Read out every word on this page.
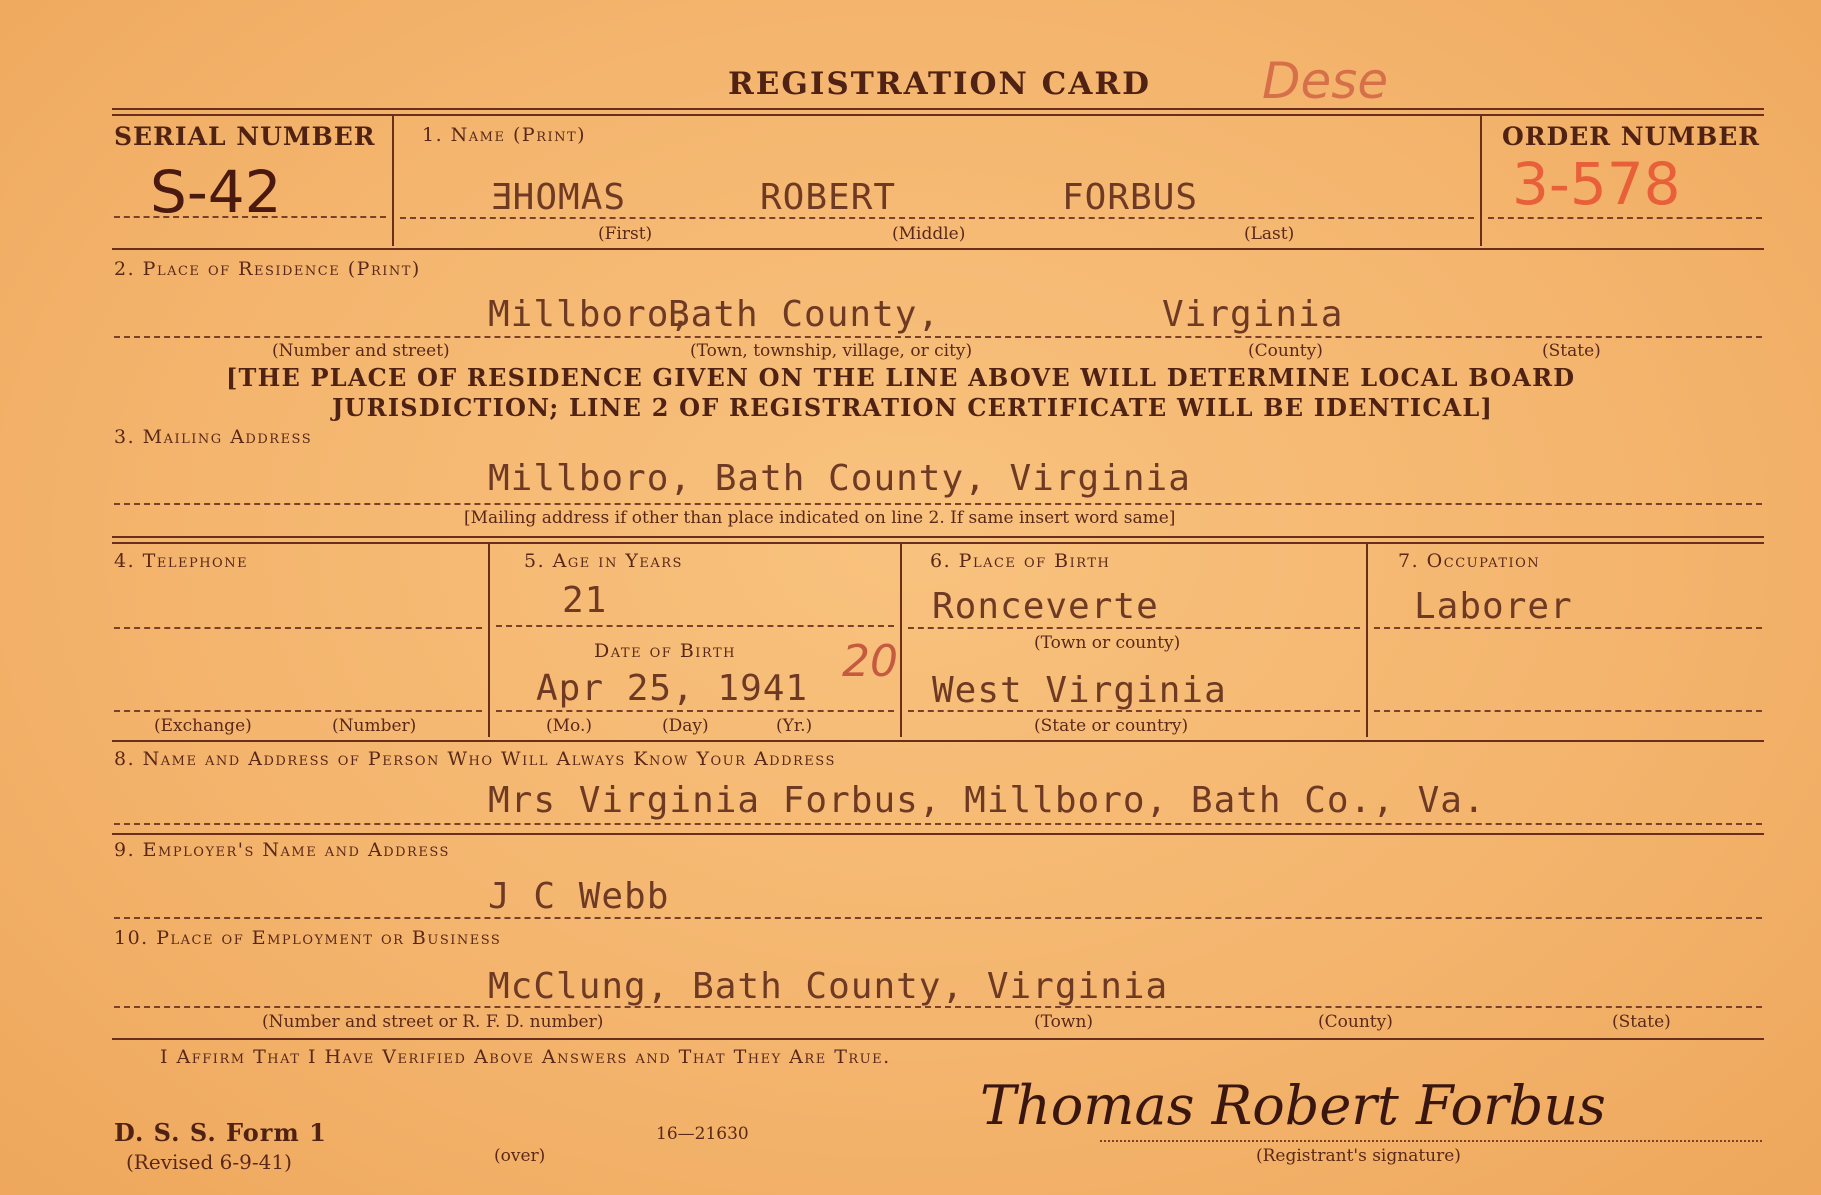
REGISTRATION CARD Dese
SERIAL NUMBER
S-42
1. Name (Print)
ƎHOMAS	ROBERT	FORBUS
(First)	(Middle)	(Last)
ORDER NUMBER
3-578
2. Place of Residence (Print)
Millboro,
Bath County,	Virginia
(Number and street)	(Town, township, village, or city)	(County)	(State)
[THE PLACE OF RESIDENCE GIVEN ON THE LINE ABOVE WILL DETERMINE LOCAL BOARD
JURISDICTION; LINE 2 OF REGISTRATION CERTIFICATE WILL BE IDENTICAL]
3. Mailing Address
Millboro, Bath County, Virginia
[Mailing address if other than place indicated on line 2. If same insert word same]
4. Telephone
(Exchange)	(Number)
5. Age in Years
21
Date of Birth
Apr 25, 1941
20
(Mo.)	(Day)	(Yr.)
6. Place of Birth
Ronceverte
(Town or county)
West Virginia
(State or country)
7. Occupation
Laborer
8. Name and Address of Person Who Will Always Know Your Address
Mrs Virginia Forbus, Millboro, Bath Co., Va.
9. Employer's Name and Address
J C Webb
10. Place of Employment or Business
McClung, Bath County, Virginia
(Number and street or R. F. D. number)	(Town)	(County)	(State)
I Affirm That I Have Verified Above Answers and That They Are True.
D. S. S. Form 1
(Revised 6-9-41)	(over)
16—21630	Thomas Robert Forbus
(Registrant's signature)
